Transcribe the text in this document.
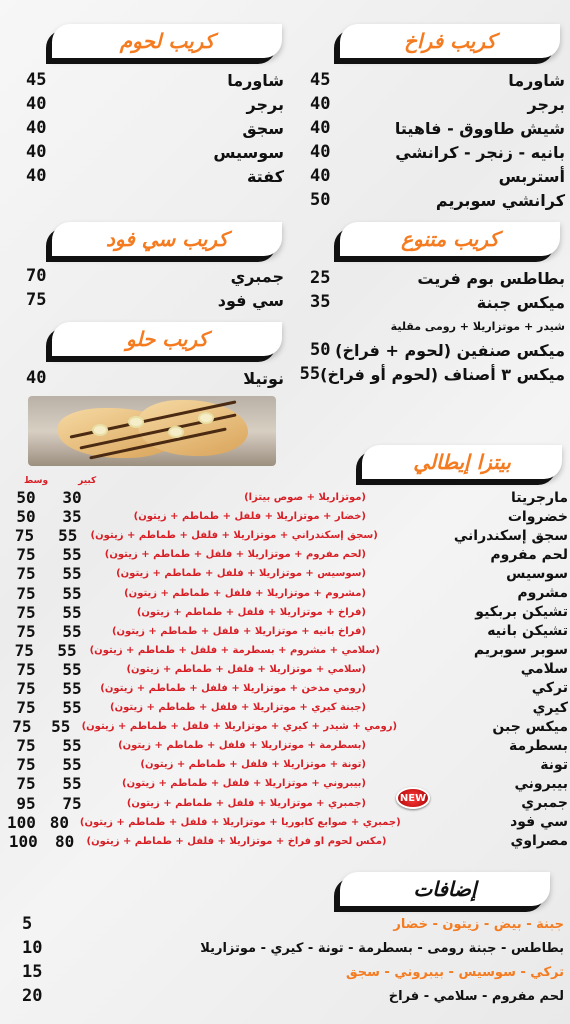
كريب فراخ
شاورما
45
برجر
40
شيش طاووق - فاهيتا
40
بانيه - زنجر - كرانشي
40
أستربس
40
كرانشي سوبريم
50
كريب لحوم
شاورما
45
برجر
40
سجق
40
سوسيس
40
كفتة
40
كريب متنوع
بطاطس بوم فريت
25
ميكس جبنة
35
شيدر + موتزاريلا + رومى مقلية
ميكس صنفين (لحوم + فراخ)
50
ميكس ٣ أصناف (لحوم أو فراخ)
55
كريب سي فود
جمبري
70
سي فود
75
كريب حلو
نوتيلا
40
بيتزا إيطالي
كبير
وسط
مارجريتا
(موتزاريلا + صوص بيتزا)
30
50
خضروات
(خضار + موتزاريلا + فلفل + طماطم + زيتون)
35
50
سجق إسكندراني
(سجق إسكندراني + موتزاريلا + فلفل + طماطم + زيتون)
55
75
لحم مفروم
(لحم مفروم + موتزاريلا + فلفل + طماطم + زيتون)
55
75
سوسيس
(سوسيس + موتزاريلا + فلفل + طماطم + زيتون)
55
75
مشروم
(مشروم + موتزاريلا + فلفل + طماطم + زيتون)
55
75
تشيكن بربكيو
(فراخ + موتزاريلا + فلفل + طماطم + زيتون)
55
75
تشيكن بانيه
(فراخ بانيه + موتزاريلا + فلفل + طماطم + زيتون)
55
75
سوبر سوبريم
(سلامي + مشروم + بسطرمة + فلفل + طماطم + زيتون)
55
75
سلامي
(سلامي + موتزاريلا + فلفل + طماطم + زيتون)
55
75
تركي
(رومي مدخن + موتزاريلا + فلفل + طماطم + زيتون)
55
75
كيري
(جبنة كيري + موتزاريلا + فلفل + طماطم + زيتون)
55
75
ميكس جبن
(رومي + شيدر + كيري + موتزاريلا + فلفل + طماطم + زيتون)
55
75
بسطرمة
(بسطرمة + موتزاريلا + فلفل + طماطم + زيتون)
55
75
تونة
(تونة + موتزاريلا + فلفل + طماطم + زيتون)
55
75
بيبروني
(بيبروني + موتزاريلا + فلفل + طماطم + زيتون)
55
75
جمبري
(جمبري + موتزاريلا + فلفل + طماطم + زيتون)
75
95
سي فود
(جمبري + صوابع كابوريا + موتزاريلا + فلفل + طماطم + زيتون)
80
100
مصراوي
(مكس لحوم او فراخ + موتزاريلا + فلفل + طماطم + زيتون)
80
100
NEW
إضافات
جبنة - بيض - زيتون - خضار
5
بطاطس - جبنة رومى - بسطرمة - تونة - كيري - موتزاريلا
10
تركي - سوسيس - بيبروني - سجق
15
لحم مفروم - سلامي - فراخ
20
